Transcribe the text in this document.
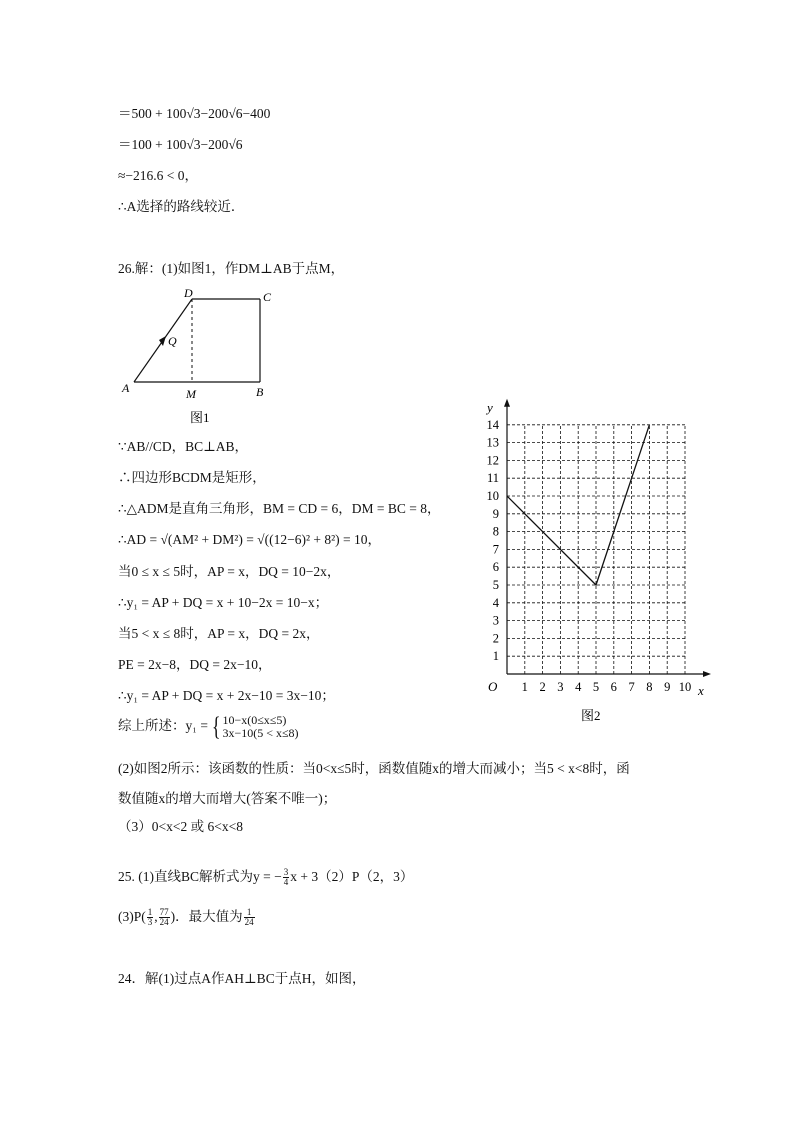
＝500 + 100√3−200√6−400
＝100 + 100√3−200√6
≈−216.6 < 0，
∴A选择的路线较近．
26.解：(1)如图1，作DM⊥AB于点M，
D	C
Q
A	M	B
图1
∵AB//CD，BC⊥AB，
∴四边形BCDM是矩形，
∴△ADM是直角三角形，BM = CD = 6，DM = BC = 8，
∴AD = √(AM² + DM²) = √((12−6)² + 8²) = 10，
当0 ≤ x ≤ 5时，AP = x，DQ = 10−2x，
∴y₁ = AP + DQ = x + 10−2x = 10−x；
当5 < x ≤ 8时，AP = x，DQ = 2x，
PE = 2x−8，DQ = 2x−10，
∴y₁ = AP + DQ = x + 2x−10 = 3x−10；
综上所述：y₁ = { 10−x(0≤x≤5)
3x−10(5 < x≤8)
(2)如图2所示：该函数的性质：当0<x≤5时，函数值随x的增大而减小；当5 < x<8时，函
数值随x的增大而增大(答案不唯一)；
（3）0<x<2 或 6<x<8
25. (1)直线BC解析式为y = − $\frac{3}{4}$ x + 3（2）P（2，3）
$(3)P( \frac{1}{3}$ , $\frac{77}{24}$ )．最大值为 $\frac{1}{24}$
24．解(1)过点A作AH⊥BC于点H，如图，
1 2 3 4 5 6 7 8 9 10
1
2
3
4
5
6
7
8
9
10
11
12
13
14
O
y
x
图2
